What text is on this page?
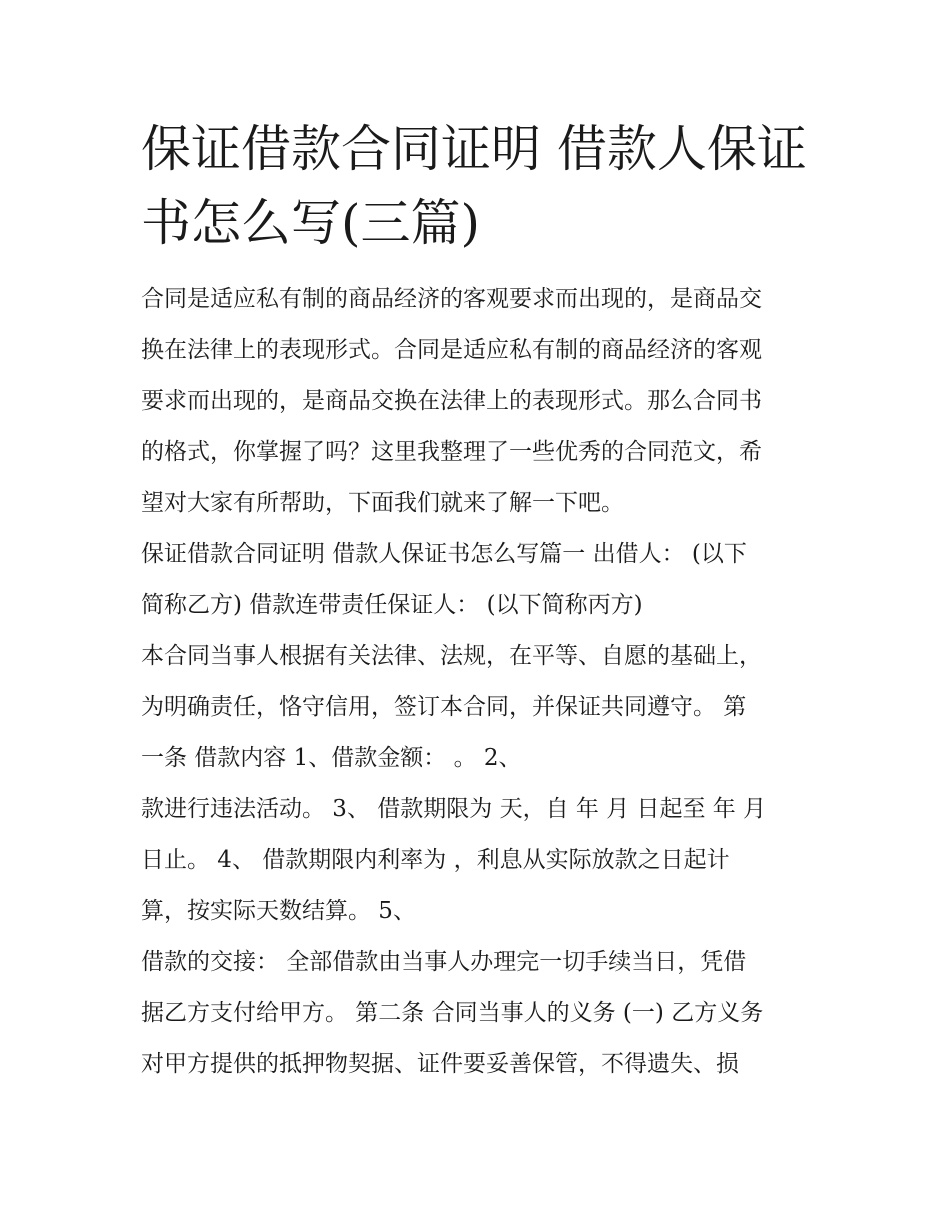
保证借款合同证明 借款人保证
书怎么写(三篇)
合同是适应私有制的商品经济的客观要求而出现的，是商品交
换在法律上的表现形式。合同是适应私有制的商品经济的客观
要求而出现的，是商品交换在法律上的表现形式。那么合同书
的格式，你掌握了吗？这里我整理了一些优秀的合同范文，希
望对大家有所帮助，下面我们就来了解一下吧。
保证借款合同证明 借款人保证书怎么写篇一 出借人： (以下
简称乙方) 借款连带责任保证人： (以下简称丙方)
本合同当事人根据有关法律、法规，在平等、自愿的基础上，
为明确责任，恪守信用，签订本合同，并保证共同遵守。 第
一条 借款内容 1、借款金额： 。 2、
款进行违法活动。 3、 借款期限为 天，自 年 月 日起至 年 月
日止。 4、 借款期限内利率为 ，利息从实际放款之日起计
算，按实际天数结算。 5、
借款的交接： 全部借款由当事人办理完一切手续当日，凭借
据乙方支付给甲方。 第二条 合同当事人的义务 (一) 乙方义务
对甲方提供的抵押物契据、证件要妥善保管，不得遗失、损
